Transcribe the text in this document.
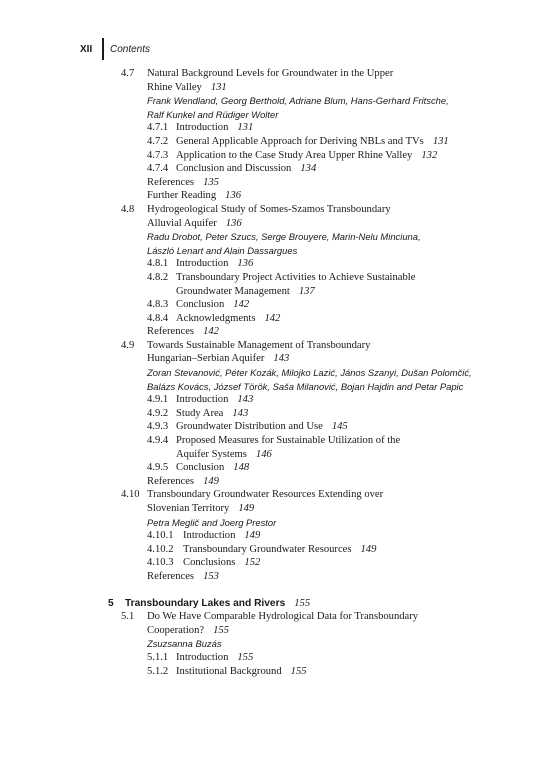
XII Contents
4.7 Natural Background Levels for Groundwater in the Upper
Rhine Valley 131
Frank Wendland, Georg Berthold, Adriane Blum, Hans-Gerhard Fritsche,
Ralf Kunkel and Rüdiger Wolter
4.7.1 Introduction 131
4.7.2 General Applicable Approach for Deriving NBLs and TVs 131
4.7.3 Application to the Case Study Area Upper Rhine Valley 132
4.7.4 Conclusion and Discussion 134
References 135
Further Reading 136
4.8 Hydrogeological Study of Somes-Szamos Transboundary
Alluvial Aquifer 136
Radu Drobot, Peter Szucs, Serge Brouyere, Marin-Nelu Minciuna,
László Lenart and Alain Dassargues
4.8.1 Introduction 136
4.8.2 Transboundary Project Activities to Achieve Sustainable
Groundwater Management 137
4.8.3 Conclusion 142
4.8.4 Acknowledgments 142
References 142
4.9 Towards Sustainable Management of Transboundary
Hungarian–Serbian Aquifer 143
Zoran Stevanović, Péter Kozák, Milojko Lazić, János Szanyi, Dušan Polomčić,
Balázs Kovács, József Török, Saša Milanović, Bojan Hajdin and Petar Papic
4.9.1 Introduction 143
4.9.2 Study Area 143
4.9.3 Groundwater Distribution and Use 145
4.9.4 Proposed Measures for Sustainable Utilization of the
Aquifer Systems 146
4.9.5 Conclusion 148
References 149
4.10 Transboundary Groundwater Resources Extending over
Slovenian Territory 149
Petra Meglič and Joerg Prestor
4.10.1 Introduction 149
4.10.2 Transboundary Groundwater Resources 149
4.10.3 Conclusions 152
References 153
5 Transboundary Lakes and Rivers 155
5.1 Do We Have Comparable Hydrological Data for Transboundary
Cooperation? 155
Zsuzsanna Buzás
5.1.1 Introduction 155
5.1.2 Institutional Background 155
